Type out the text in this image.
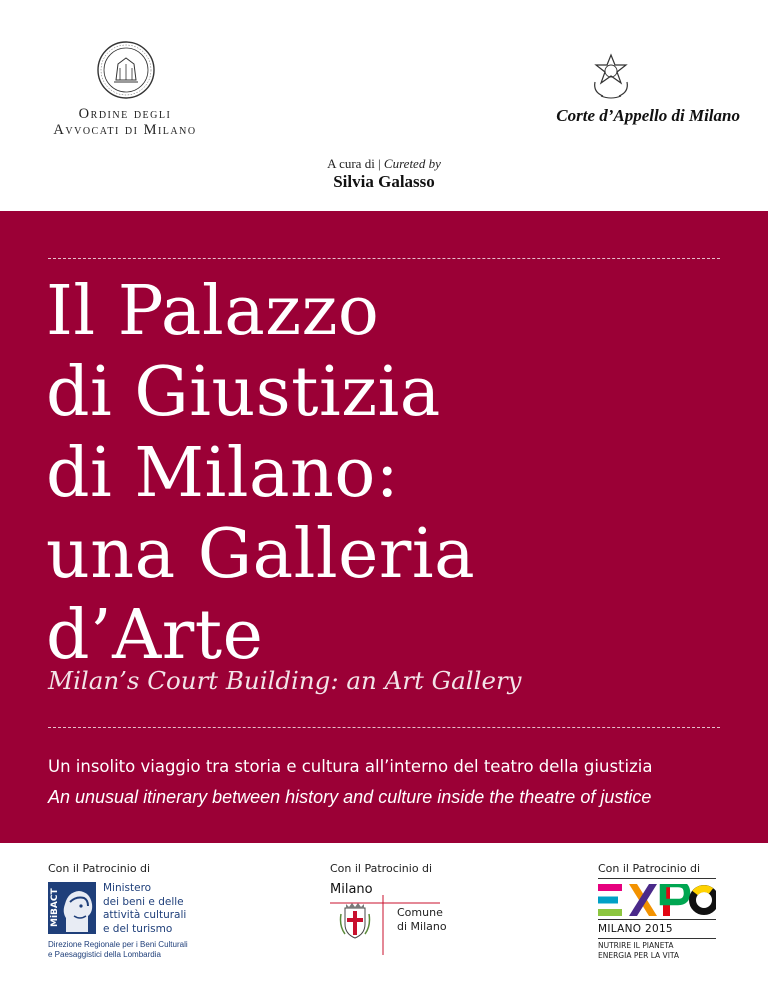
Ordine degli
Avvocati di Milano
Corte d’Appello di Milano
A cura di | Cureted by
Silvia Galasso
Il Palazzo
di Giustizia
di Milano:
una Galleria
d’Arte
Milan’s Court Building: an Art Gallery
Un insolito viaggio tra storia e cultura all’interno del teatro della giustizia
An unusual itinerary between history and culture inside the theatre of justice
Con il Patrocinio di
MiBACT
Ministero
dei beni e delle
attività culturali
e del turismo
Direzione Regionale per i Beni Culturali
e Paesaggistici della Lombardia
Con il Patrocinio di
Milano
Comune
di Milano
Con il Patrocinio di
MILANO 2015
NUTRIRE IL PIANETA
ENERGIA PER LA VITA
